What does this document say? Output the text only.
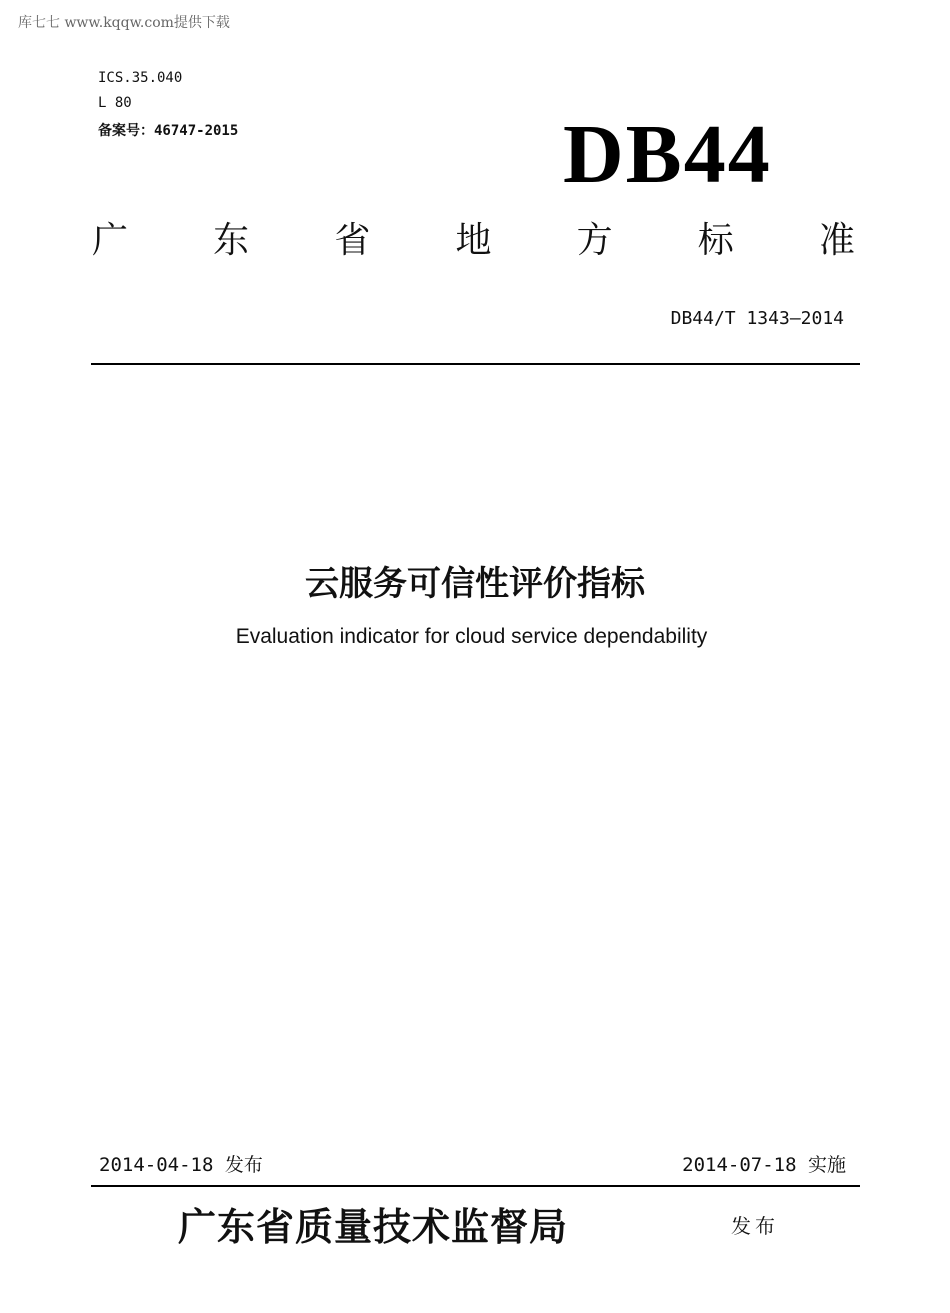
库七七 www.kqqw.com提供下载
ICS.35.040
L 80
备案号：46747-2015	DB44
广 东 省 地 方 标 准
DB44/T 1343—2014
云服务可信性评价指标
Evaluation indicator for cloud service dependability
2014-04-18 发布	2014-07-18 实施
广东省质量技术监督局	发布
